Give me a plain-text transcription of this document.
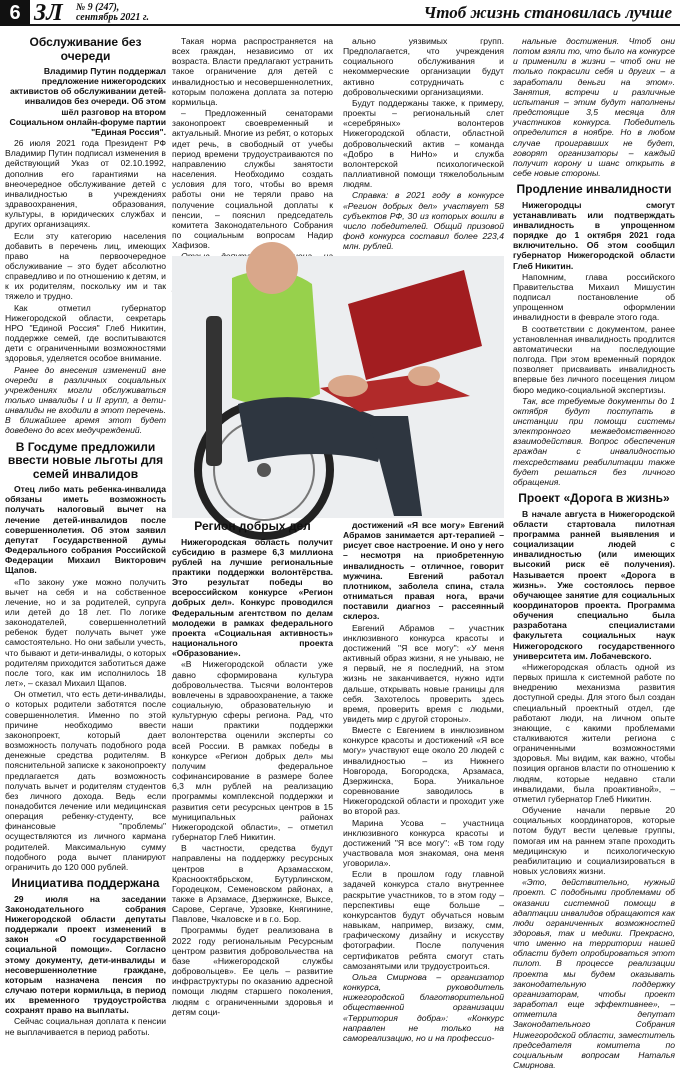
6 ЗЛ № 9 (247),
сентябрь 2021 г.	Чтоб жизнь становилась лучше
Обслуживание без очереди

Владимир Путин поддержал предложение нижегородских активистов об обслуживании детей-инвалидов без очереди. Об этом шёл разговор на втором Социальном онлайн-форуме партии "Единая Россия".

26 июля 2021 года Президент РФ Владимир Путин подписал изменения в действующий Указ от 02.10.1992, дополнив его гарантиями на внеочередное обслуживание детей с инвалидностью в учреждениях здравоохранения, образования, культуры, в юридических службах и других организациях.

Если эту категорию населения добавить в перечень лиц, имеющих право на первоочередное обслуживание – это будет абсолютно справедливо и по отношению к детям, и к их родителям, поскольку им и так тяжело и трудно.

Как отметил губернатор Нижегородской области, секретарь НРО "Единой Россия" Глеб Никитин, поддержке семей, где воспитываются дети с ограниченными возможностями здоровья, уделяется особое внимание.

Ранее до внесения изменений вне очереди в различных социальных учреждениях могли обслуживаться только инвалиды I и II групп, а дети-инвалиды не входили в этот перечень. В ближайшее время этот будет доведено до всех медучреждений.

В Госдуме предложили ввести новые льготы для семей инвалидов

Отец либо мать ребенка-инвалида обязаны иметь возможность получать налоговый вычет на лечение детей-инвалидов после совершеннолетия. Об этом заявил депутат Государственной думы Федерального собрания Российской Федерации Михаил Викторович Щапов.

«По закону уже можно получить вычет на себя и на собственное лечение, но и за родителей, супруга или детей до 18 лет. По логике законодателей, совершеннолетний ребенок будет получать вычет уже самостоятельно. Но они забыли учесть, что бывают и дети-инвалиды, о которых родителям приходится заботиться даже после того, как им исполнилось 18 лет», – сказал Михаил Щапов.

Он отметил, что есть дети-инвалиды, о которых родители заботятся после совершеннолетия. Именно по этой причине необходимо ввести законопроект, который дает возможность получать подобного рода денежные средства родителям. В пояснительной записке к законопроекту предлагается дать возможность получать вычет и родителям студентов без личного дохода. Ведь если понадобится лечение или медицинская операция ребенку-студенту, все финансовые "проблемы" осуществляются из личного кармана родителей. Максимальную сумму подобного рода вычет планируют ограничить до 120 000 рублей.

Инициатива поддержана

29 июля на заседании Законодательного собрания Нижегородской области депутаты поддержали проект изменений в закон «О государственной социальной помощи». Согласно этому документу, дети-инвалиды и несовершеннолетние граждане, которым назначена пенсия по случаю потери кормильца, в период их временного трудоустройства сохранят право на выплаты.

Сейчас социальная доплата к пенсии не выплачивается в период работы.

Такая норма распространяется на всех граждан, независимо от их возраста. Власти предлагают устранить такое ограничение для детей с инвалидностью и несовершеннолетних, которым положена доплата за потерю кормильца.

– Предложенный сенаторами законопроект своевременный и актуальный. Многие из ребят, о которых идет речь, в свободный от учебы период времени трудоустраиваются по направлению службы занятости населения. Необходимо создать условия для того, чтобы во время работы они не теряли право на получение социальной доплаты к пенсии, – пояснил председатель комитета Законодательного Собрания по социальным вопросам Надир Хафизов.

ально уязвимых групп. Предполагается, что учреждения социального обслуживания и некоммерческие организации будут активно сотрудничать с добровольческими организациями.

Будут поддержаны также, к примеру, проекты – региональный слет «серебряных» волонтеров Нижегородской области, областной добровольческий актив – команда «Добро в НиНо» и служба волонтерской психологической паллиативной помощи тяжелобольным людям.

Справка: в 2021 году в конкурсе «Регион добрых дел» участвует 58 субъектов РФ, 30 из которых вошли в число победителей. Общий призовой фонд конкурса составил более 223,4 млн. рублей.

Регион добрых дел

Нижегородская область получит субсидию в размере 6,3 миллиона рублей на лучшие региональные практики поддержки волонтёрства. Это результат победы во всероссийском конкурсе «Регион добрых дел». Конкурс проводился Федеральным агентством по делам молодежи в рамках федерального проекта «Социальная активность» национального проекта «Образование».

«В Нижегородской области уже давно сформирована культура добровольчества. Тысячи волонтеров вовлечены в здравоохранение, а также социальную, образовательную и культурную сферы региона. Рад, что наши практики поддержки волонтерства оценили эксперты со всей России. В рамках победы в конкурсе «Регион добрых дел» мы получим федеральное софинансирование в размере более 6,3 млн рублей на реализацию программы комплексной поддержки и развития сети ресурсных центров в 15 муниципальных районах Нижегородской области», – отметил губернатор Глеб Никитин.

В частности, средства будут направлены на поддержку ресурсных центров в Арзамасском, Краснооктябрьском, Бутурлинском, Городецком, Семеновском районах, а также в Арзамасе, Дзержинске, Выксе, Сарове, Сергаче, Урзовке, Княгинине, Павлове, Чкаловске и в г.о. Бор.

Программы будет реализована в 2022 году региональным Ресурсным центром развития добровольчества на базе «Нижегородской службы добровольцев». Ее цель – развитие инфраструктуры по оказанию адресной помощи людям старшего поколения, людям с ограниченными здоровья и детям соци-

достижений «Я все могу» Евгений Абрамов занимается арт-терапией – рисует свое настроение. И оно у него – несмотря на приобретенную инвалидность – отличное, говорит мужчина. Евгений работал плотником, заболела спина, стала отниматься правая нога, врачи поставили диагноз – рассеянный склероз.

Евгений Абрамов – участник инклюзивного конкурса красоты и достижений "Я все могу": «У меня активный образ жизни, я не унываю, не я первый, не я последний, на этом жизнь не заканчивается, нужно идти дальше, открывать новые границы для себя. Захотелось проверить здесь время, проверить время с людьми, увидеть мир с другой стороны».

Вместе с Евгением в инклюзивном конкурсе красоты и достижений «Я все могу» участвуют еще около 20 людей с инвалидностью – из Нижнего Новгорода, Богородска, Арзамаса, Дзержинска, Бора. Уникальное соревнование заводилось в Нижегородской области и проходит уже во второй раз.

Марина Усова – участница инклюзивного конкурса красоты и достижений "Я все могу": «В том году участвовала моя знакомая, она меня уговорила».

Если в прошлом году главной задачей конкурса стало внутреннее раскрытие участников, то в этом году – перспективы еще больше – конкурсантов будут обучаться новым навыкам, например, визажу, смм, графическому дизайну и искусству фотографии. После получения сертификатов ребята смогут стать самозанятыми или трудоустроиться.

Ольга Смирнова – организатор конкурса, руководитель нижегородской благотворительной общественной организации «Территория добра»: «Конкурс направлен не только на самореализацию, но и на профессио-

нальные достижения. Чтоб они потом взяли то, что было на конкурсе и применили в жизни – чтоб они не только покрасили себя и других – а заработали деньги на этом». Занятия, встречи и различные испытания – этим будут наполнены предстоящие 3,5 месяца для участников конкурса. Победитель определится в ноябре. Но в любом случае проигравших не будет, говорят организаторы – каждый получит корону и шанс открыть в себе новые стороны.

Продление инвалидности

Нижегородцы смогут устанавливать или подтверждать инвалидность в упрощенном порядке до 1 октября 2021 года включительно. Об этом сообщил губернатор Нижегородской области Глеб Никитин.

Напомним, глава российского Правительства Михаил Мишустин подписал постановление об упрощенном оформлении инвалидности в феврале этого года.

В соответствии с документом, ранее установленная инвалидность продлится автоматически на последующие полгода. При этом временный порядок позволяет присваивать инвалидность впервые без личного посещения лицом бюро медико-социальной экспертизы.

Так, все требуемые документы до 1 октября будут поступать в инстанции при помощи системы электронного межведомственного взаимодействия. Вопрос обеспечения граждан с инвалидностью техсредствами реабилитации также будет решаться без личного обращения.

Проект «Дорога в жизнь»

В начале августа в Нижегородской области стартовала пилотная программа ранней выявления и социализации людей с инвалидностью (или имеющих высокий риск её получения). Называется проект «Дорога в жизнь». Уже состоялось первое обучающее занятие для социальных координаторов проекта. Программа обучения специально была разработана специалистами факультета социальных наук Нижегородского государственного университета им. Лобачевского.

«Нижегородская область одной из первых пришла к системной работе по внедрению механизма развития доступной среды. Для этого был создан специальный проектный отдел, где работают люди, на личном опыте знающие, с какими проблемами сталкиваются жители региона с ограниченными возможностями здоровья. Мы видим, как важно, чтобы позиция органов власти по отношению к людям, которые недавно стали инвалидами, была проактивной», – отметил губернатор Глеб Никитин.

Обучение начали первые 20 социальных координаторов, которые потом будут вести целевые группы, помогая им на раннем этапе проходить медицинскую и психологическую реабилитацию и социализироваться в новых условиях жизни.

«Это, действительно, нужный проект. С подобными проблемами об оказании системной помощи в адаптации инвалидов обращаются как люди ограниченных возможностей здоровья, так и медики. Прекрасно, что именно на территории нашей области будет опробироваться этот пилот. В процессе реализации проекта мы будем оказывать законодательную поддержку организаторам, чтобы проект заработал еще эффективнее», – отметила депутат Законодательного Собрания Нижегородской области, заместитель председателя комитета по социальным вопросам Наталья Смирнова.
